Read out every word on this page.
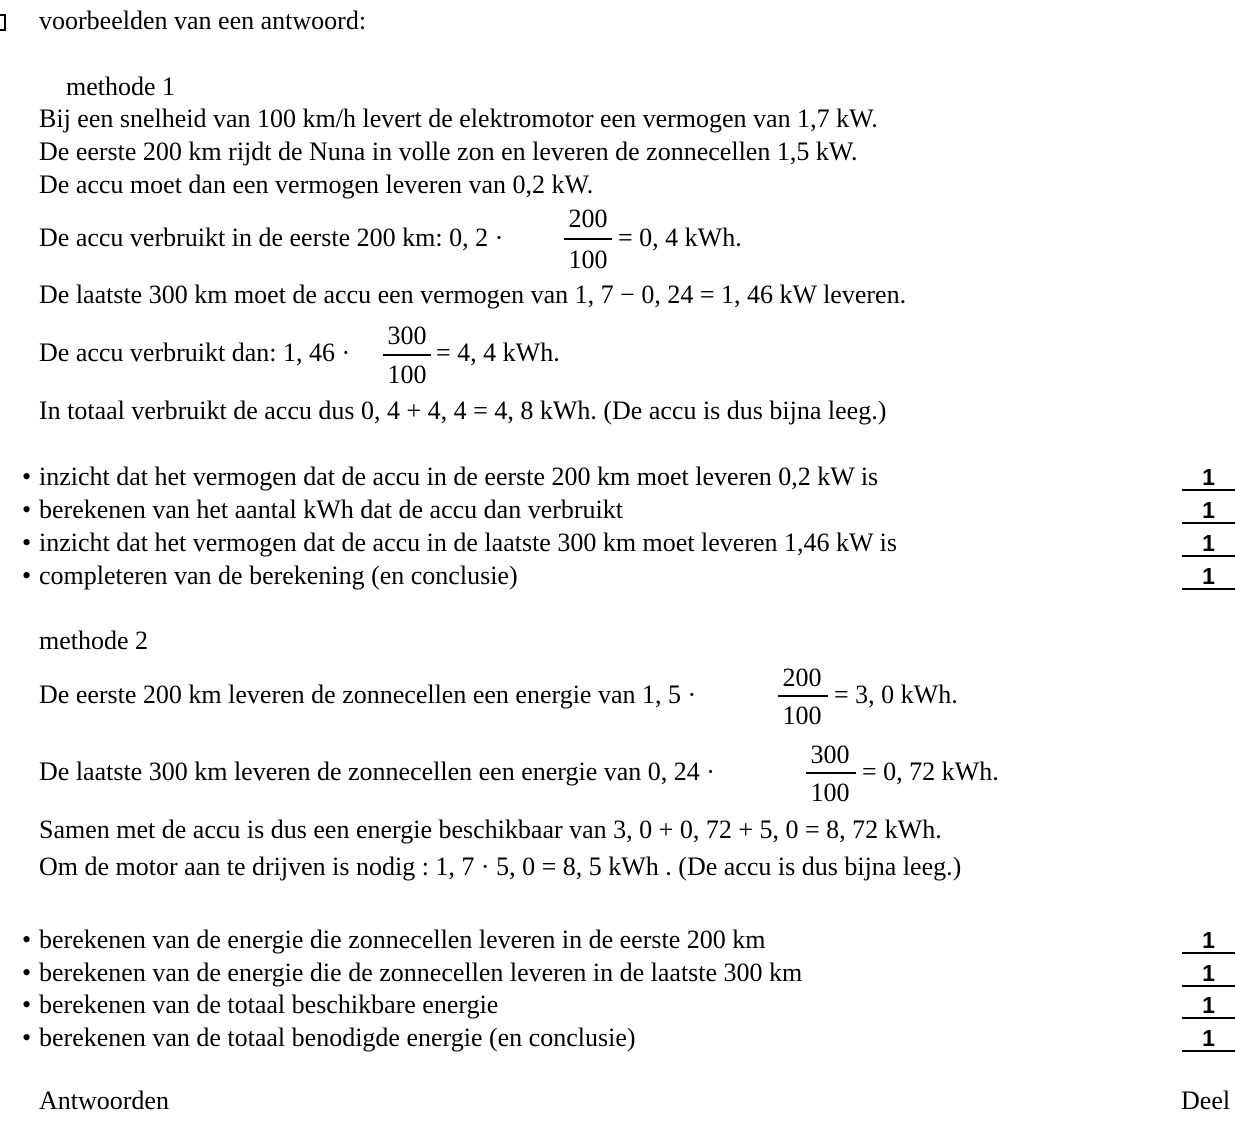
voorbeelden van een antwoord:
methode 1
Bij een snelheid van 100 km/h levert de elektromotor een vermogen van 1,7 kW.
De eerste 200 km rijdt de Nuna in volle zon en leveren de zonnecellen 1,5 kW.
De accu moet dan een vermogen leveren van 0,2 kW.
De accu verbruikt in de eerste 200 km: 0, 2 ·
200
100
= 0, 4 kWh.
De laatste 300 km moet de accu een vermogen van 1, 7 − 0, 24 = 1, 46 kW leveren.
De accu verbruikt dan: 1, 46 ·
300
100
= 4, 4 kWh.
In totaal verbruikt de accu dus 0, 4 + 4, 4 = 4, 8 kWh. (De accu is dus bijna leeg.)
• inzicht dat het vermogen dat de accu in de eerste 200 km moet leveren 0,2 kW is	1
• berekenen van het aantal kWh dat de accu dan verbruikt	1
• inzicht dat het vermogen dat de accu in de laatste 300 km moet leveren 1,46 kW is	1
• completeren van de berekening (en conclusie)	1
methode 2
De eerste 200 km leveren de zonnecellen een energie van 1, 5 ·
200
100
= 3, 0 kWh.
De laatste 300 km leveren de zonnecellen een energie van 0, 24 ·
300
100
= 0, 72 kWh.
Samen met de accu is dus een energie beschikbaar van 3, 0 + 0, 72 + 5, 0 = 8, 72 kWh.
Om de motor aan te drijven is nodig : 1, 7 · 5, 0 = 8, 5 kWh . (De accu is dus bijna leeg.)
• berekenen van de energie die zonnecellen leveren in de eerste 200 km	1
• berekenen van de energie die de zonnecellen leveren in de laatste 300 km	1
• berekenen van de totaal beschikbare energie	1
• berekenen van de totaal benodigde energie (en conclusie)	1
Antwoorden	Deel
